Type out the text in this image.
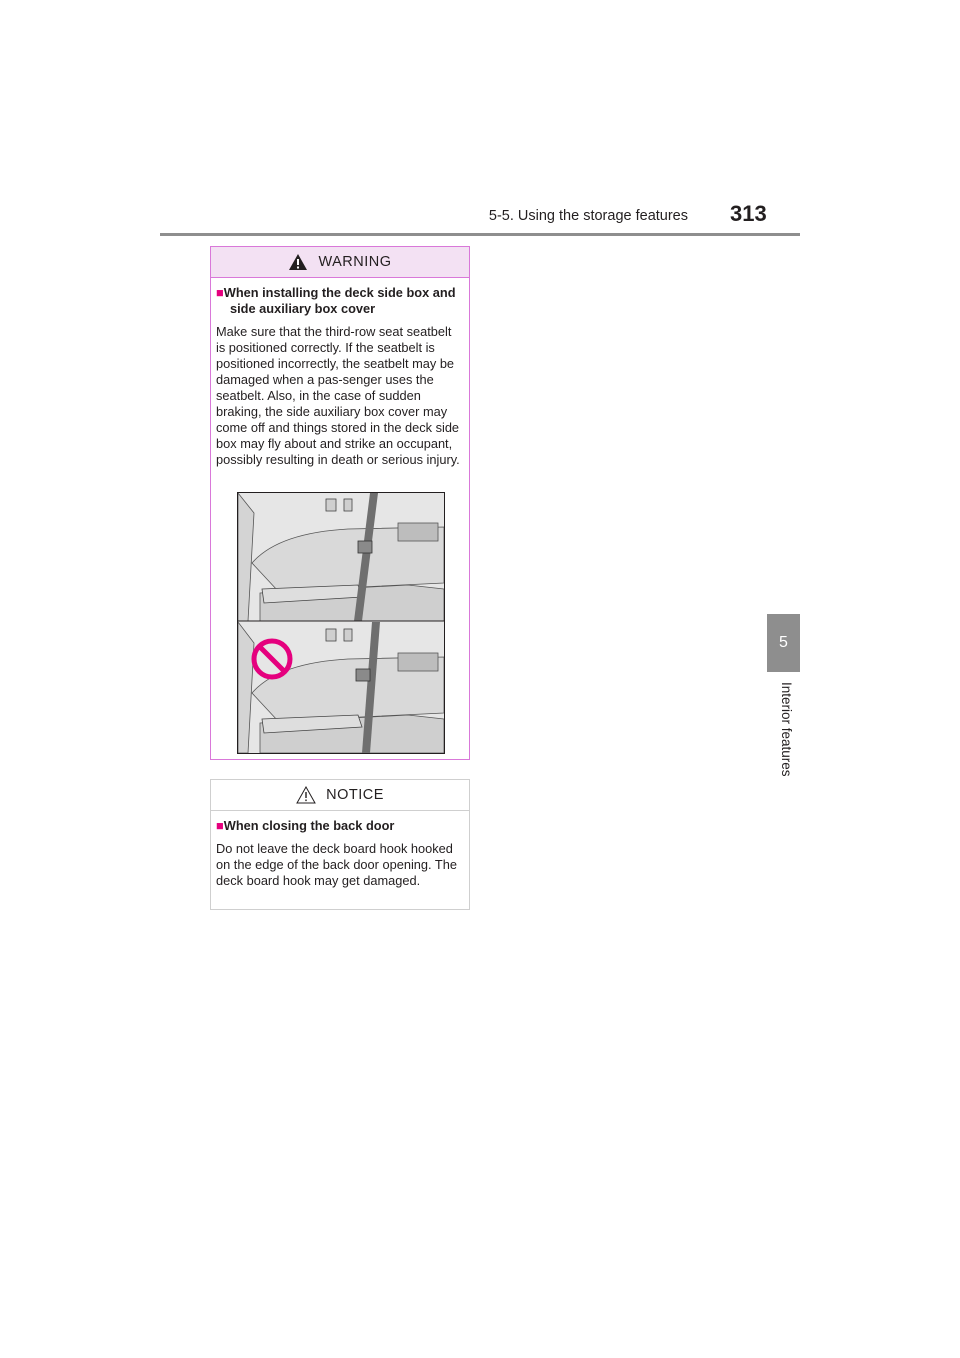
5-5. Using the storage features 313
5
Interior features
WARNING
■When installing the deck side box and side auxiliary box cover
Make sure that the third-row seat seatbelt is positioned correctly. If the seatbelt is positioned incorrectly, the seatbelt may be damaged when a pas-senger uses the seatbelt. Also, in the case of sudden braking, the side auxiliary box cover may come off and things stored in the deck side box may fly about and strike an occupant, possibly resulting in death or serious injury.
NOTICE
■When closing the back door
Do not leave the deck board hook hooked on the edge of the back door opening. The deck board hook may get damaged.
